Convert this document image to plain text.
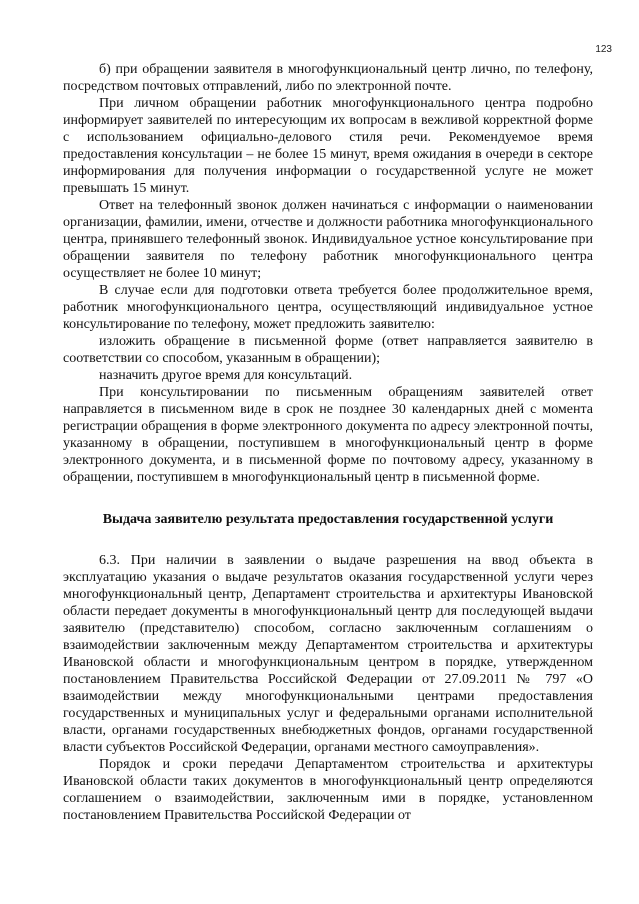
123

б) при обращении заявителя в многофункциональный центр лично, по телефону, посредством почтовых отправлений, либо по электронной почте.

При личном обращении работник многофункционального центра подробно информирует заявителей по интересующим их вопросам в вежливой корректной форме с использованием официально-делового стиля речи. Рекомендуемое время предоставления консультации – не более 15 минут, время ожидания в очереди в секторе информирования для получения информации о государственной услуге не может превышать 15 минут.

Ответ на телефонный звонок должен начинаться с информации о наименовании организации, фамилии, имени, отчестве и должности работника многофункционального центра, принявшего телефонный звонок. Индивидуальное устное консультирование при обращении заявителя по телефону работник многофункционального центра осуществляет не более 10 минут;

В случае если для подготовки ответа требуется более продолжительное время, работник многофункционального центра, осуществляющий индивидуальное устное консультирование по телефону, может предложить заявителю:

изложить обращение в письменной форме (ответ направляется заявителю в соответствии со способом, указанным в обращении);

назначить другое время для консультаций.

При консультировании по письменным обращениям заявителей ответ направляется в письменном виде в срок не позднее 30 календарных дней с момента регистрации обращения в форме электронного документа по адресу электронной почты, указанному в обращении, поступившем в многофункциональный центр в форме электронного документа, и в письменной форме по почтовому адресу, указанному в обращении, поступившем в многофункциональный центр в письменной форме.

Выдача заявителю результата предоставления государственной услуги

6.3. При наличии в заявлении о выдаче разрешения на ввод объекта в эксплуатацию указания о выдаче результатов оказания государственной услуги через многофункциональный центр, Департамент строительства и архитектуры Ивановской области передает документы в многофункциональный центр для последующей выдачи заявителю (представителю) способом, согласно заключенным соглашениям о взаимодействии заключенным между Департаментом строительства и архитектуры Ивановской области и многофункциональным центром в порядке, утвержденном постановлением Правительства Российской Федерации от 27.09.2011 № 797 «О взаимодействии между многофункциональными центрами предоставления государственных и муниципальных услуг и федеральными органами исполнительной власти, органами государственных внебюджетных фондов, органами государственной власти субъектов Российской Федерации, органами местного самоуправления».

Порядок и сроки передачи Департаментом строительства и архитектуры Ивановской области таких документов в многофункциональный центр определяются соглашением о взаимодействии, заключенным ими в порядке, установленном постановлением Правительства Российской Федерации от
